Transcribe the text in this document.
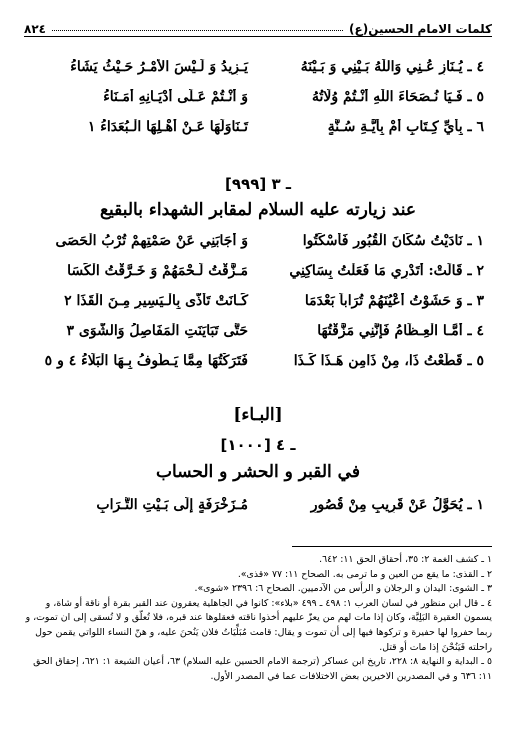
٨٢٤	كلمات الامام الحسين(ع)
٤ ـ يُـنَازِ عُـنِي وَاللّٰهُ بَـيْنِي وَ بَـيْنَهُ
يَـزِيدُ وَ لَـيْسَ الأَمْـرُ حَـيْثُ يَشَاءُ
٥ ـ فَـيَا نُـصَحَاءَ اللّٰهِ أَنْـتُمْ وُلَاتُهُ
وَ أَنْـتُمْ عَـلَى أَدْيَـانِهِ أُمَـنَاءُ
٦ ـ بِأَيِّ كِـتَابٍ أَمْ بِأَيَّـةِ سُـنَّةٍ
تَـنَاوَلَهَا عَـنْ أَهْـلِهَا الْـبُعَدَاءُ ١
[٩٩٩] ـ ٣
عند زيارته عليه السلام لمقابر الشهداء بالبقيع
١ ـ نَادَيْتُ سُكَّانَ الْقُبُورِ فَأَسْكَتُوا
وَ أَجَابَنِي عَنْ صَمْتِهِمْ تُرْبُ الْحَصَى
٢ ـ قَالَتْ: أَتَدْرِي مَا فَعَلْتُ بِسَاكِنِي
مَـزَّقْتُ لَـحْمَهُمْ وَ خَـرَّقْتُ الْكَسَا
٣ ـ وَ حَشَوْتُ أَعْيُنَهُمْ تُرَاباً بَعْدَمَا
كَـانَتْ تَأَذَّى بِالْـيَسِيرِ مِـنَ الْقَذَا ٢
٤ ـ أَمَّـا الْعِـظَامُ فَإِنَّنِي مَزَّقْتُهَا
حَتَّى تَبَايَنَتِ الْمَفَاصِلُ وَالشَّوَى ٣
٥ ـ قَطَعْتُ ذَا، مِنْ ذَامِنٍ هَـذَا كَـذَا
فَتَرَكْتُهَا مِمَّا يَـطُوفُ بِـهَا الْبَلَاءُ ٤ و ٥
[البـاء]
[١٠٠٠] ـ ٤
في القبر و الحشر و الحساب
١ ـ يُحَوَّلُ عَنْ قَرِيبٍ مِنْ قُصُورٍ
مُـزَخْرَفَةٍ إِلَى بَـيْتِ التُّـرَابِ

١ ـ كشف الغمة ٢: ٣٥، أحقاق الحق ١١: ٦٤٢.

٢ ـ القذى: ما يقع من العين و ما ترمى به. الصحاح ١١: ٧٧ «قذى».

٣ ـ الشوى: اليدان و الرجلان و الرأس من الآدميين. الصحاح ٦: ٢٣٩٦ «شوى».

٤ ـ قال ابن منظور في لسان العرب ١: ٤٩٨ ـ ٤٩٩ «بلاء»: كانوا في الجاهلية يعقرون عند القبر بقرة أو ناقة أو شاة، و يسمون العقيرة البَلِيَّة، وكان إذا مات لهم من يعزّ عليهم أخذوا ناقته فعقلوها عند قبره، فلا تُعلّق و لا تُسقى إلى ان تموت، و ربما حفروا لها حفيرة و تركوها فيها إلى أن تموت و يقال: قامت مُبَلِّيَاتُ فلان يَنُحنَ عليه، و هنّ النساء اللواتي يقمن حول راحلته فَيَنُحْنَ إذا مات أو قتل.

٥ ـ البداية و النهاية ٨: ٢٢٨، تاريخ ابن عساكر (ترجمة الامام الحسين عليه السلام) ٦٣، أعيان الشيعة ١: ٦٢١، إحقاق الحق ١١: ٦٣٦ و في المصدرين الاخيرين بعض الاختلافات عما في المصدر الأول.
